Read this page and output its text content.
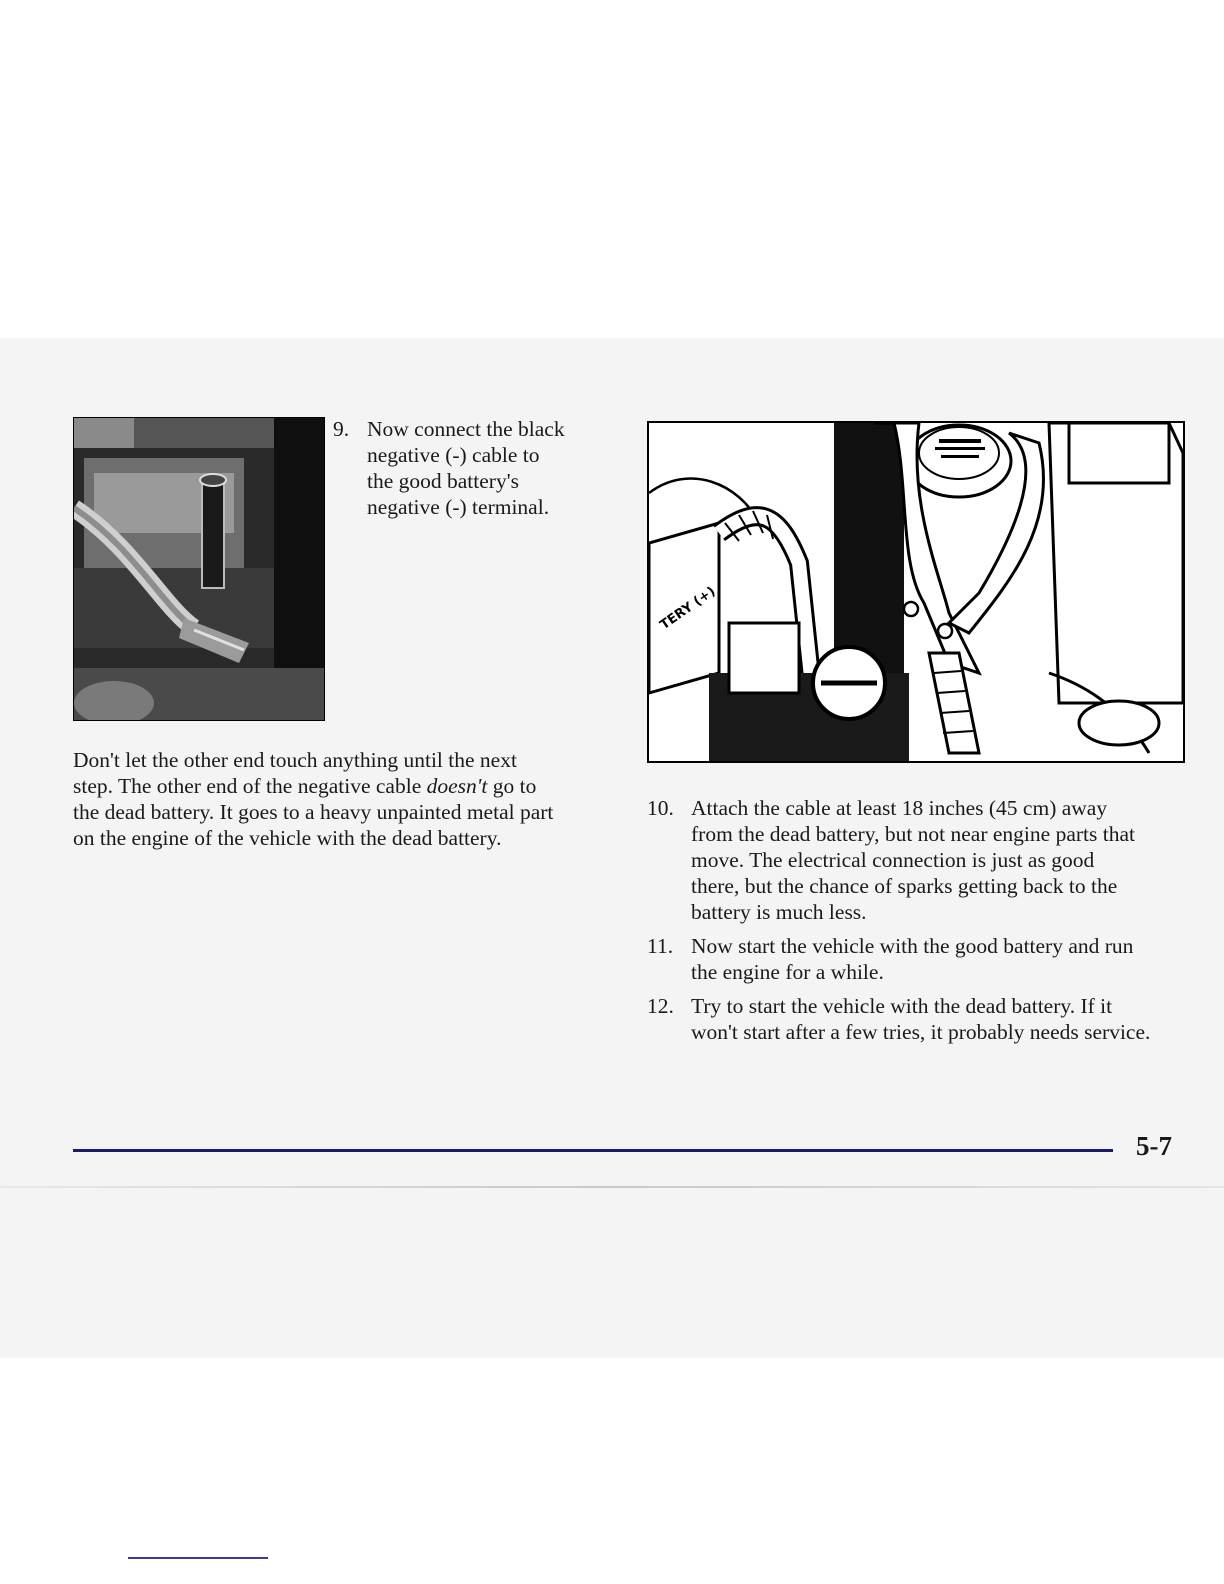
9. Now connect the black
negative (-) cable to
the good battery's
negative (-) terminal.
Don't let the other end touch anything until the next
step. The other end of the negative cable doesn't go to
the dead battery. It goes to a heavy unpainted metal part
on the engine of the vehicle with the dead battery.
TERY (+)
10. Attach the cable at least 18 inches (45 cm) away
from the dead battery, but not near engine parts that
move. The electrical connection is just as good
there, but the chance of sparks getting back to the
battery is much less.
11. Now start the vehicle with the good battery and run
the engine for a while.
12. Try to start the vehicle with the dead battery. If it
won't start after a few tries, it probably needs service.
5-7
